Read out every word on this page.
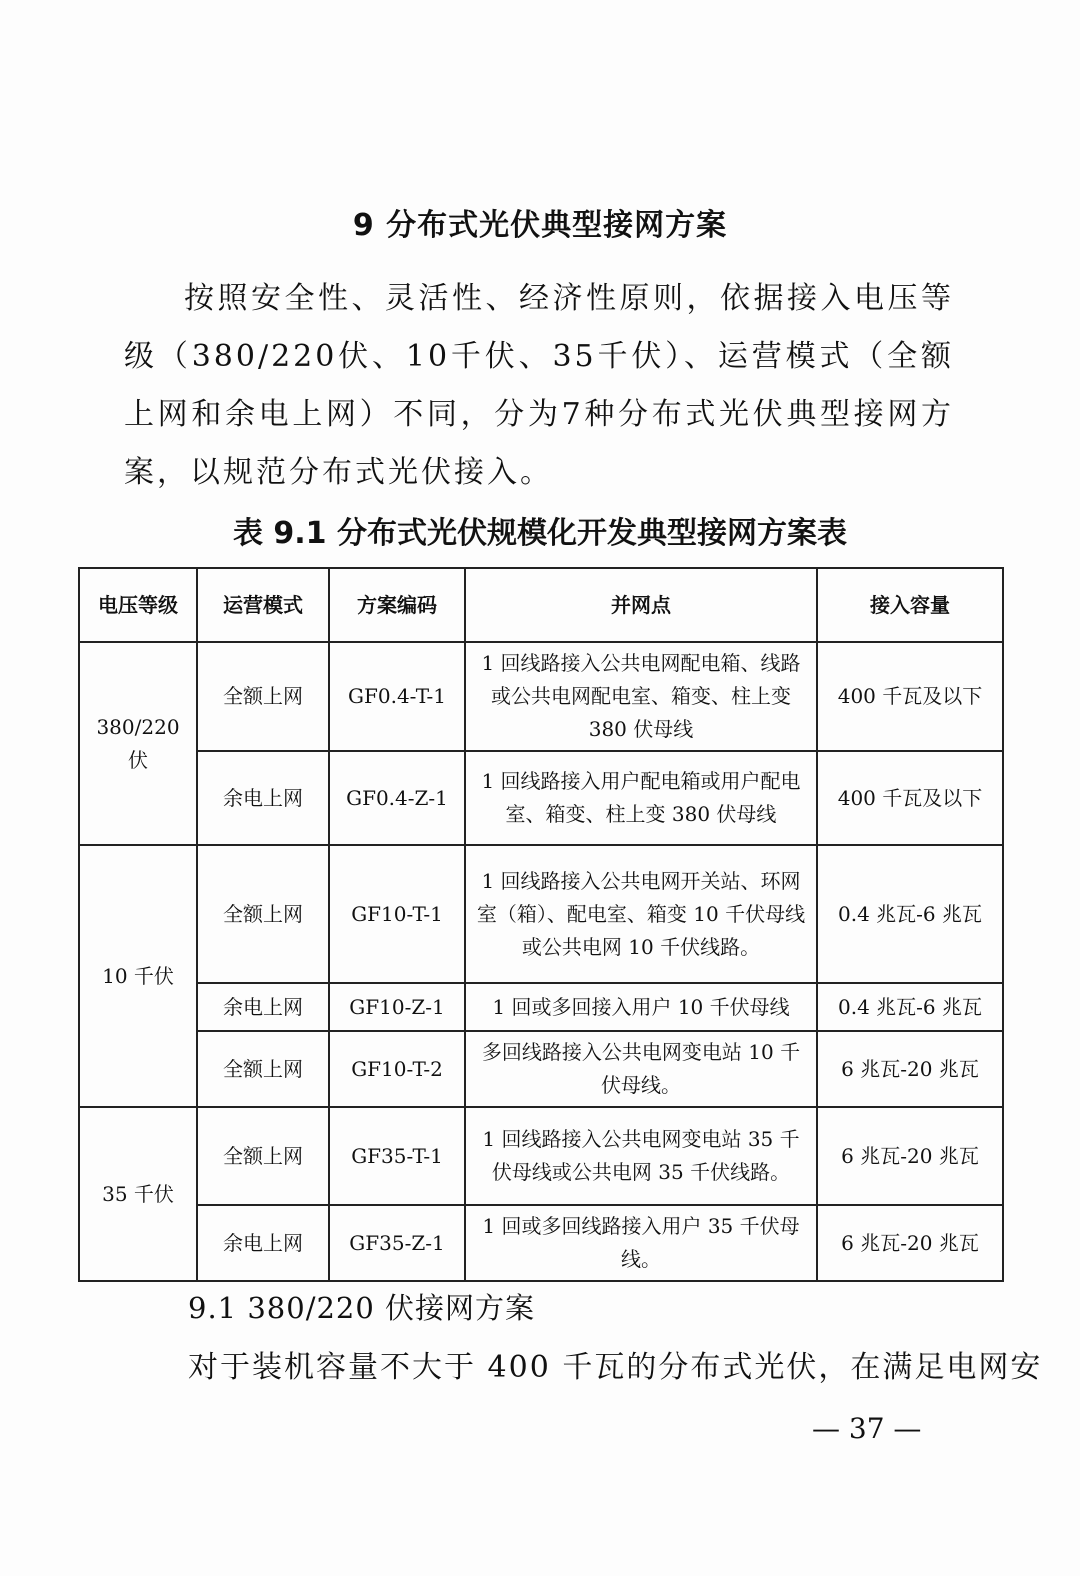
9 分布式光伏典型接网方案
按照安全性、灵活性、经济性原则，依据接入电压等级（380/220伏、10千伏、35千伏）、运营模式（全额上网和余电上网）不同，分为7种分布式光伏典型接网方案，以规范分布式光伏接入。
表 9.1 分布式光伏规模化开发典型接网方案表
电压等级	运营模式	方案编码	并网点	接入容量
380/220 伏	全额上网	GF0.4-T-1	1 回线路接入公共电网配电箱、线路或公共电网配电室、箱变、柱上变 380 伏母线	400 千瓦及以下
	余电上网	GF0.4-Z-1	1 回线路接入用户配电箱或用户配电室、箱变、柱上变 380 伏母线	400 千瓦及以下
10 千伏	全额上网	GF10-T-1	1 回线路接入公共电网开关站、环网室（箱）、配电室、箱变 10 千伏母线或公共电网 10 千伏线路。	0.4 兆瓦-6 兆瓦
	余电上网	GF10-Z-1	1 回或多回接入用户 10 千伏母线	0.4 兆瓦-6 兆瓦
	全额上网	GF10-T-2	多回线路接入公共电网变电站 10 千伏母线。	6 兆瓦-20 兆瓦
35 千伏	全额上网	GF35-T-1	1 回线路接入公共电网变电站 35 千伏母线或公共电网 35 千伏线路。	6 兆瓦-20 兆瓦
	余电上网	GF35-Z-1	1 回或多回线路接入用户 35 千伏母线。	6 兆瓦-20 兆瓦
9.1 380/220 伏接网方案
对于装机容量不大于 400 千瓦的分布式光伏，在满足电网安
— 37 —
